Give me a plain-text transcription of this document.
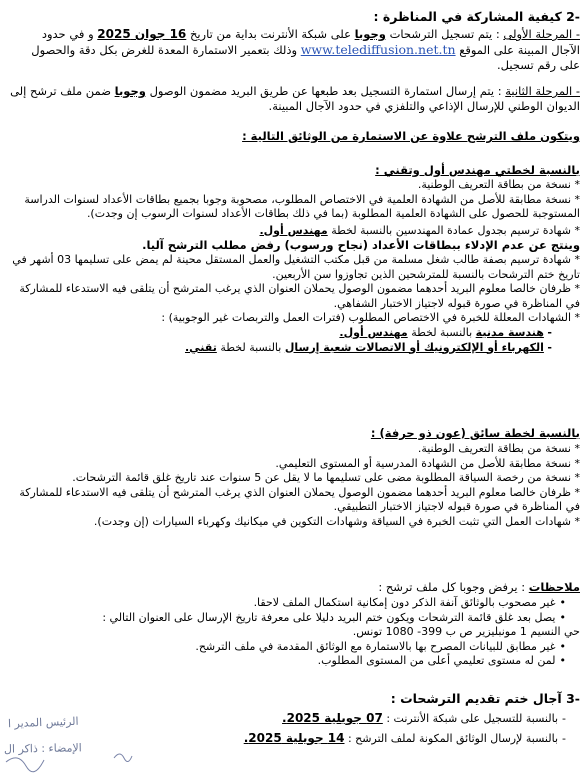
-2 كيفية المشاركة في المناظرة :
- المرحلة الأولى : يتم تسجيل الترشحات وجوبا على شبكة الأنترنت بداية من تاريخ 16 جوان 2025 و في حدود الآجال المبينة على الموقع www.telediffusion.net.tn وذلك بتعمير الاستمارة المعدة للغرض بكل دقة والحصول على رقم تسجيل.
- المرحلة الثانية : يتم إرسال استمارة التسجيل بعد طبعها عن طريق البريد مضمون الوصول وجوبا ضمن ملف ترشح إلى الديوان الوطني للإرسال الإذاعي والتلفزي في حدود الآجال المبينة.
ويتكون ملف الترشح علاوة عن الاستمارة من الوثائق التالية :
بالنسبة لخطتي مهندس أول وتقني :

* نسخة من بطاقة التعريف الوطنية.

* نسخة مطابقة للأصل من الشهادة العلمية في الاختصاص المطلوب، مصحوبة وجوبا بجميع بطاقات الأعداد لسنوات الدراسة المستوجبة للحصول على الشهادة العلمية المطلوبة (بما في ذلك بطاقات الأعداد لسنوات الرسوب إن وجدت).

* شهادة ترسيم بجدول عمادة المهندسين بالنسبة لخطة مهندس أول.

وينتج عن عدم الإدلاء ببطاقات الأعداد (نجاح ورسوب) رفض مطلب الترشح آليا.

* شهادة ترسيم بصفة طالب شغل مسلمة من قبل مكتب التشغيل والعمل المستقل محينة لم يمض على تسليمها 03 أشهر في تاريخ ختم الترشحات بالنسبة للمترشحين الذين تجاوزوا سن الأربعين.

* ظرفان خالصا معلوم البريد أحدهما مضمون الوصول يحملان العنوان الذي يرغب المترشح أن يتلقى فيه الاستدعاء للمشاركة في المناظرة في صورة قبوله لاجتياز الاختبار الشفاهي.

* الشهادات المعللة للخبرة في الاختصاص المطلوب (فترات العمل والتربصات غير الوجوبية) :

- هندسة مدنية بالنسبة لخطة مهندس أول.

- الكهرباء أو الإلكترونيك أو الاتصالات شعبة إرسال بالنسبة لخطة تقني.

بالنسبة لخطة سائق (عون ذو حرفة) :

* نسخة من بطاقة التعريف الوطنية.

* نسخة مطابقة للأصل من الشهادة المدرسية أو المستوى التعليمي.

* نسخة من رخصة السياقة المطلوبة مضى على تسليمها ما لا يقل عن 5 سنوات عند تاريخ غلق قائمة الترشحات.

* ظرفان خالصا معلوم البريد أحدهما مضمون الوصول يحملان العنوان الذي يرغب المترشح أن يتلقى فيه الاستدعاء للمشاركة في المناظرة في صورة قبوله لاجتياز الاختبار التطبيقي.

* شهادات العمل التي تثبت الخبرة في السياقة وشهادات التكوين في ميكانيك وكهرباء السيارات (إن وجدت).

ملاحظات : يرفض وجوبا كل ملف ترشح :

•غير مصحوب بالوثائق آنفة الذكر دون إمكانية استكمال الملف لاحقا.

•يصل بعد غلق قائمة الترشحات ويكون ختم البريد دليلا على معرفة تاريخ الإرسال على العنوان التالي :

حي النسيم 1 مونبليزير ص ب 399- 1080 تونس.

•غير مطابق للبيانات المصرح بها بالاستمارة مع الوثائق المقدمة في ملف الترشح.

•لمن له مستوى تعليمي أعلى من المستوى المطلوب.

-3 آجال ختم تقديم الترشحات :

-بالنسبة للتسجيل على شبكة الأنترنت : 07 جويلية 2025.

-بالنسبة لإرسال الوثائق المكونة لملف الترشح : 14 جويلية 2025.

الرئيس المدير ا
الإمضاء : ذاكر ال
